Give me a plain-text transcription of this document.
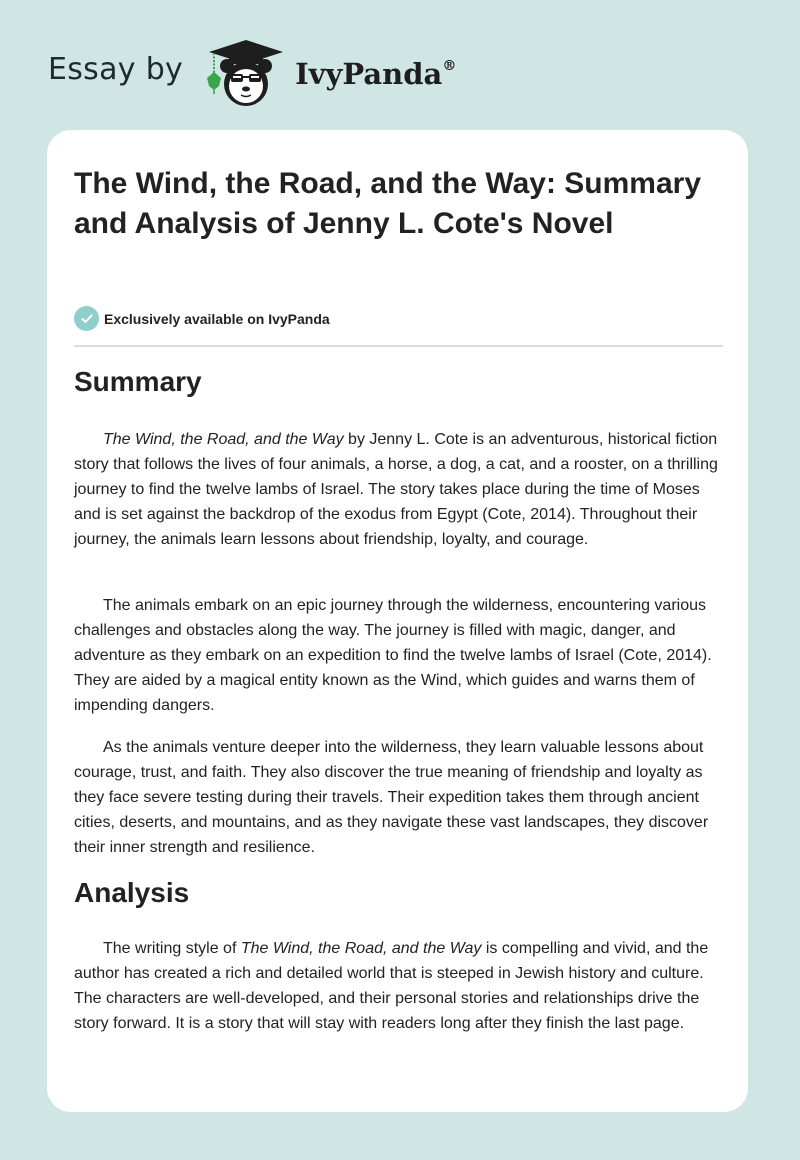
Essay by	IvyPanda®
The Wind, the Road, and the Way: Summary and Analysis of Jenny L. Cote's Novel
Exclusively available on IvyPanda
Summary

The Wind, the Road, and the Way by Jenny L. Cote is an adventurous, historical fiction story that follows the lives of four animals, a horse, a dog, a cat, and a rooster, on a thrilling journey to find the twelve lambs of Israel. The story takes place during the time of Moses and is set against the backdrop of the exodus from Egypt (Cote, 2014). Throughout their journey, the animals learn lessons about friendship, loyalty, and courage.

The animals embark on an epic journey through the wilderness, encountering various challenges and obstacles along the way. The journey is filled with magic, danger, and adventure as they embark on an expedition to find the twelve lambs of Israel (Cote, 2014). They are aided by a magical entity known as the Wind, which guides and warns them of impending dangers.

As the animals venture deeper into the wilderness, they learn valuable lessons about courage, trust, and faith. They also discover the true meaning of friendship and loyalty as they face severe testing during their travels. Their expedition takes them through ancient cities, deserts, and mountains, and as they navigate these vast landscapes, they discover their inner strength and resilience.

Analysis

The writing style of The Wind, the Road, and the Way is compelling and vivid, and the author has created a rich and detailed world that is steeped in Jewish history and culture. The characters are well-developed, and their personal stories and relationships drive the story forward. It is a story that will stay with readers long after they finish the last page.
